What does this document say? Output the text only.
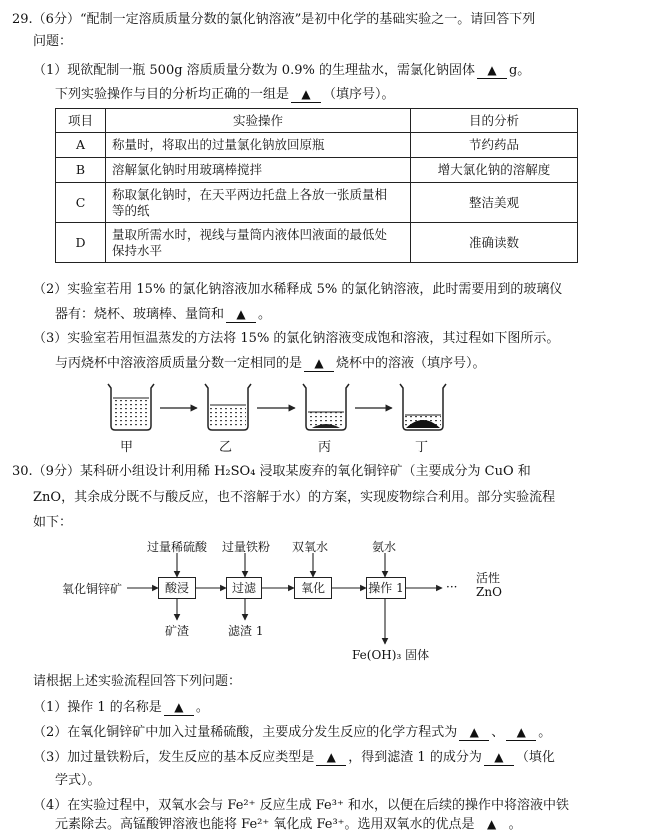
29.（6分）“配制一定溶质质量分数的氯化钠溶液”是初中化学的基础实验之一。请回答下列
问题：
（1）现欲配制一瓶 500g 溶质质量分数为 0.9% 的生理盐水，需氯化钠固体 ▲ g。
下列实验操作与目的分析均正确的一组是 ▲ （填序号）。
项目	实验操作	目的分析
A	称量时，将取出的过量氯化钠放回原瓶	节约药品
B	溶解氯化钠时用玻璃棒搅拌	增大氯化钠的溶解度
C	称取氯化钠时，在天平两边托盘上各放一张质量相
等的纸	整洁美观
D	量取所需水时，视线与量筒内液体凹液面的最低处
保持水平	准确读数
（2）实验室若用 15% 的氯化钠溶液加水稀释成 5% 的氯化钠溶液，此时需要用到的玻璃仪
器有：烧杯、玻璃棒、量筒和 ▲ 。
（3）实验室若用恒温蒸发的方法将 15% 的氯化钠溶液变成饱和溶液，其过程如下图所示。
与丙烧杯中溶液溶质质量分数一定相同的是 ▲ 烧杯中的溶液（填序号）。
甲	乙	丙	丁
30.（9分）某科研小组设计利用稀 H₂SO₄ 浸取某废弃的氧化铜锌矿（主要成分为 CuO 和
ZnO，其余成分既不与酸反应，也不溶解于水）的方案，实现废物综合利用。部分实验流程
如下：
过量稀硫酸 过量铁粉 双氧水	氨水
氧化铜锌矿	酸浸	过滤	氧化	操作 1	···
活性
ZnO
矿渣	滤渣 1
Fe(OH)₃ 固体
请根据上述实验流程回答下列问题：
（1）操作 1 的名称是 ▲ 。
（2）在氧化铜锌矿中加入过量稀硫酸，主要成分发生反应的化学方程式为 ▲ 、 ▲ 。
（3）加过量铁粉后，发生反应的基本反应类型是 ▲ ，得到滤渣 1 的成分为 ▲ （填化
学式）。
（4）在实验过程中，双氧水会与 Fe²⁺ 反应生成 Fe³⁺ 和水，以便在后续的操作中将溶液中铁
元素除去。高锰酸钾溶液也能将 Fe²⁺ 氧化成 Fe³⁺。选用双氧水的优点是 ▲ 。
